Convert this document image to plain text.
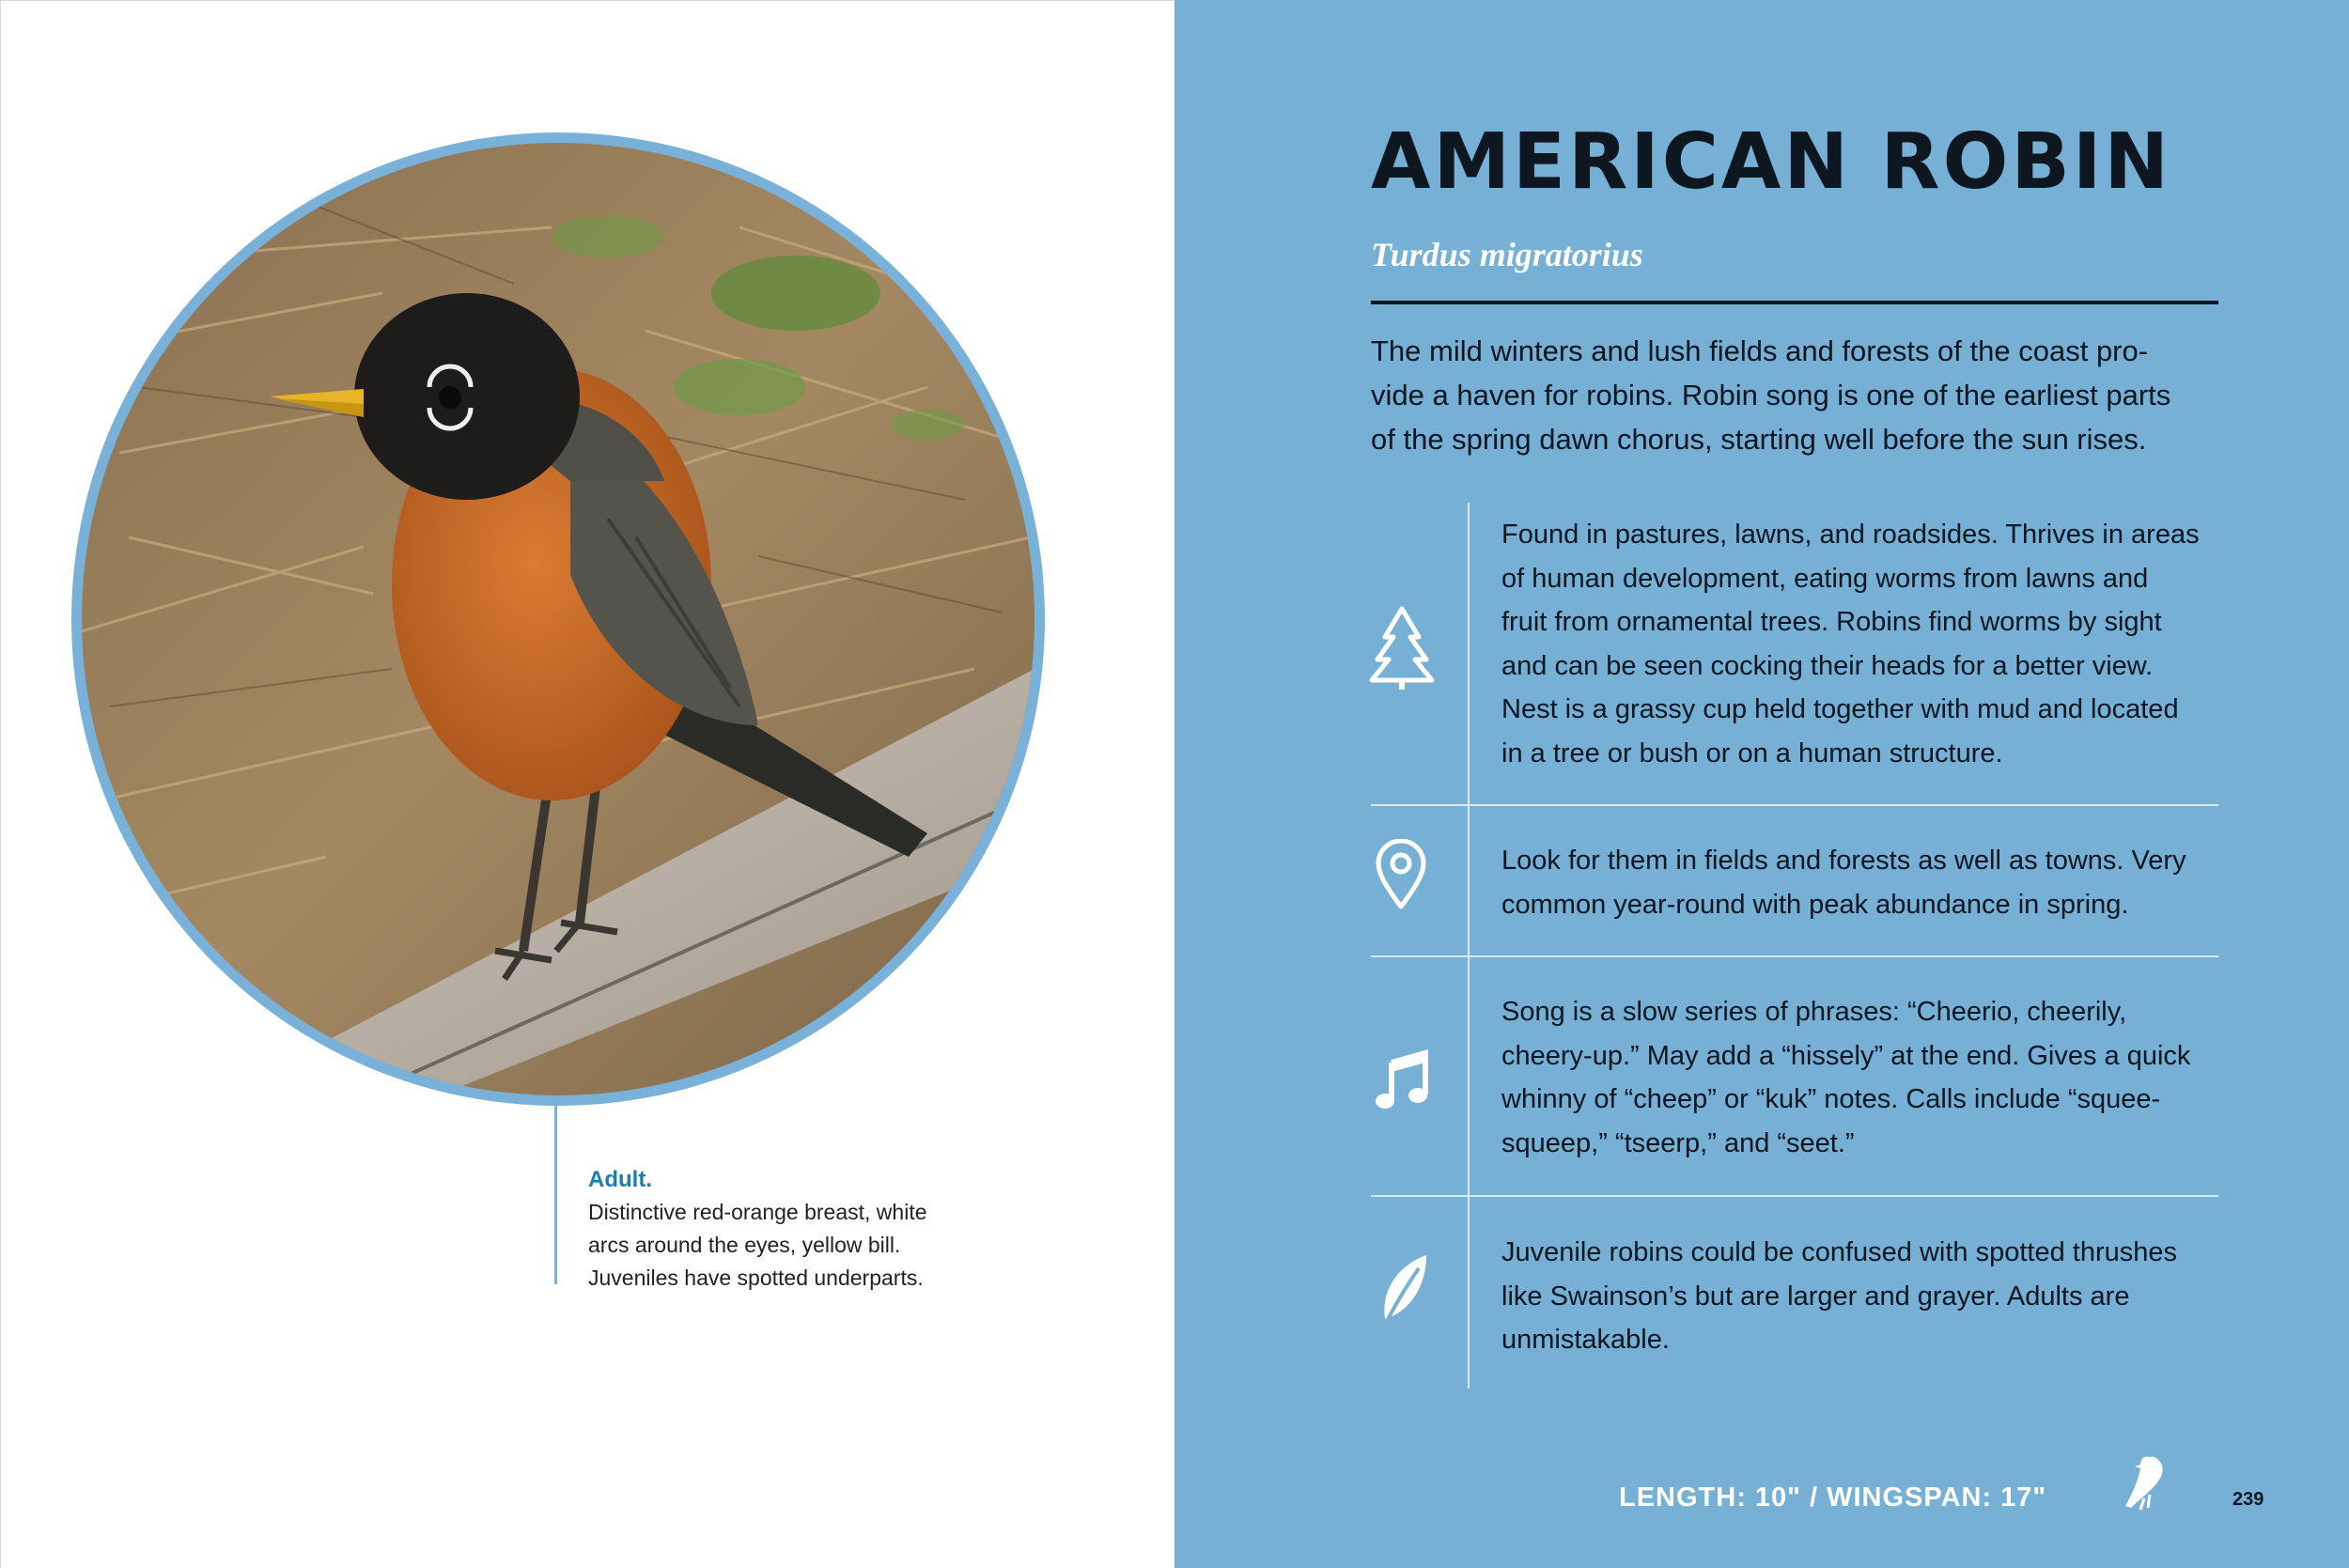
Adult.
Distinctive red-orange breast, white
arcs around the eyes, yellow bill.
Juveniles have spotted underparts.
AMERICAN ROBIN
Turdus migratorius
The mild winters and lush fields and forests of the coast pro-
vide a haven for robins. Robin song is one of the earliest parts
of the spring dawn chorus, starting well before the sun rises.
Found in pastures, lawns, and roadsides. Thrives in areas
of human development, eating worms from lawns and
fruit from ornamental trees. Robins find worms by sight
and can be seen cocking their heads for a better view.
Nest is a grassy cup held together with mud and located
in a tree or bush or on a human structure.
Look for them in fields and forests as well as towns. Very
common year-round with peak abundance in spring.
Song is a slow series of phrases: “Cheerio, cheerily,
cheery-up.” May add a “hissely” at the end. Gives a quick
whinny of “cheep” or “kuk” notes. Calls include “squee-
squeep,” “tseerp,” and “seet.”
Juvenile robins could be confused with spotted thrushes
like Swainson’s but are larger and grayer. Adults are
unmistakable.
LENGTH: 10" / WINGSPAN: 17"	239
